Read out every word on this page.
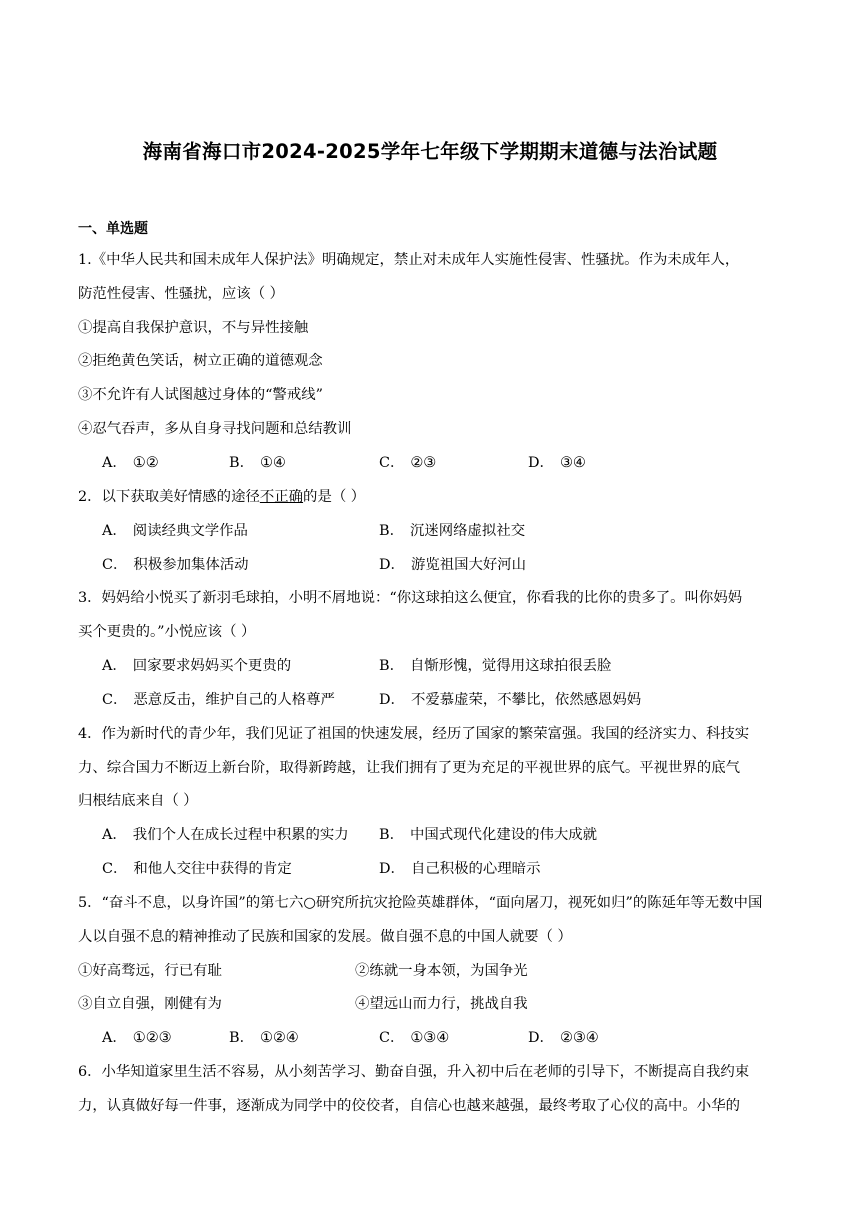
海南省海口市2024-2025学年七年级下学期期末道德与法治试题
一、单选题
1.《中华人民共和国未成年人保护法》明确规定，禁止对未成年人实施性侵害、性骚扰。作为未成年人，
防范性侵害、性骚扰，应该（ ）
①提高自我保护意识，不与异性接触
②拒绝黄色笑话，树立正确的道德观念
③不允许有人试图越过身体的“警戒线”
④忍气吞声，多从自身寻找问题和总结教训
A． ①②	B． ①④	C． ②③	D． ③④
2．以下获取美好情感的途径不正确的是（ ）
A． 阅读经典文学作品	B． 沉迷网络虚拟社交
C． 积极参加集体活动	D． 游览祖国大好河山
3．妈妈给小悦买了新羽毛球拍，小明不屑地说：“你这球拍这么便宜，你看我的比你的贵多了。叫你妈妈
买个更贵的。”小悦应该（ ）
A． 回家要求妈妈买个更贵的	B． 自惭形愧，觉得用这球拍很丢脸
C． 恶意反击，维护自己的人格尊严	D． 不爱慕虚荣，不攀比，依然感恩妈妈
4．作为新时代的青少年，我们见证了祖国的快速发展，经历了国家的繁荣富强。我国的经济实力、科技实
力、综合国力不断迈上新台阶，取得新跨越，让我们拥有了更为充足的平视世界的底气。平视世界的底气
归根结底来自（ ）
A． 我们个人在成长过程中积累的实力 B． 中国式现代化建设的伟大成就
C． 和他人交往中获得的肯定	D． 自己积极的心理暗示
5．“奋斗不息，以身许国”的第七六○研究所抗灾抢险英雄群体，“面向屠刀，视死如归”的陈延年等无数中国
人以自强不息的精神推动了民族和国家的发展。做自强不息的中国人就要（ ）
①好高骛远，行已有耻	②练就一身本领，为国争光
③自立自强，刚健有为	④望远山而力行，挑战自我
A． ①②③	B． ①②④	C． ①③④	D． ②③④
6．小华知道家里生活不容易，从小刻苦学习、勤奋自强，升入初中后在老师的引导下，不断提高自我约束
力，认真做好每一件事，逐渐成为同学中的佼佼者，自信心也越来越强，最终考取了心仪的高中。小华的
